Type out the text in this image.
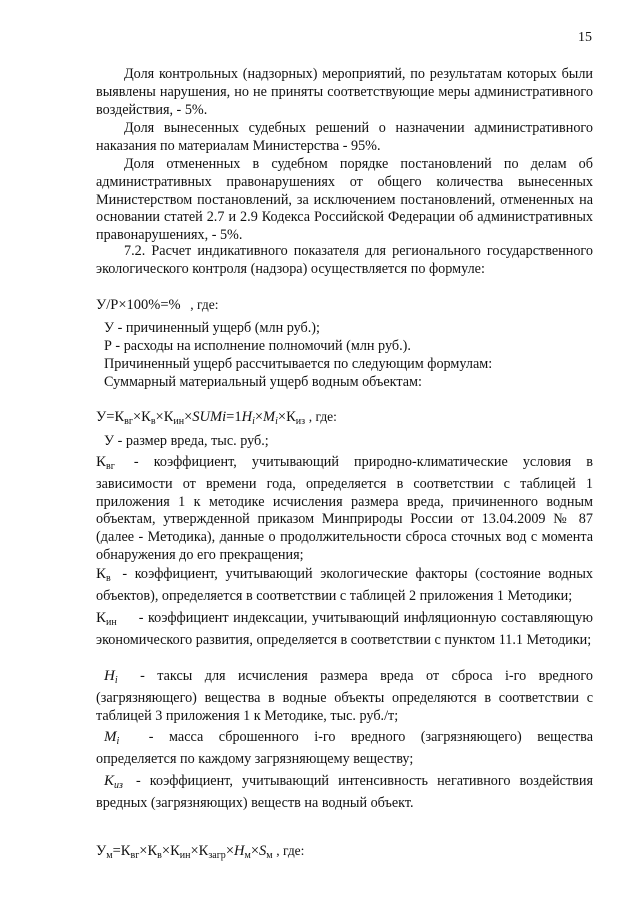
15
Доля контрольных (надзорных) мероприятий, по результатам которых были выявлены нарушения, но не приняты соответствующие меры административного воздействия, - 5%.
Доля вынесенных судебных решений о назначении административного наказания по материалам Министерства - 95%.
Доля отмененных в судебном порядке постановлений по делам об административных правонарушениях от общего количества вынесенных Министерством постановлений, за исключением постановлений, отмененных на основании статей 2.7 и 2.9 Кодекса Российской Федерации об административных правонарушениях, - 5%.
7.2. Расчет индикативного показателя для регионального государственного экологического контроля (надзора) осуществляется по формуле:
У/Р×100%=% , где:
У - причиненный ущерб (млн руб.);
Р - расходы на исполнение полномочий (млн руб.).
Причиненный ущерб рассчитывается по следующим формулам:
Суммарный материальный ущерб водным объектам:
$У=К_{вг}\times К_в\times К_{ин}\times SUMi=1Н_i\times M_i\times К_{из}$ , где:
У - размер вреда, тыс. руб.;
$К_{вг}$ - коэффициент, учитывающий природно-климатические условия в зависимости от времени года, определяется в соответствии с таблицей 1 приложения 1 к методике исчисления размера вреда, причиненного водным объектам, утвержденной приказом Минприроды России от 13.04.2009 № 87 (далее - Методика), данные о продолжительности сброса сточных вод с момента обнаружения до его прекращения;
$К_в$ - коэффициент, учитывающий экологические факторы (состояние водных объектов), определяется в соответствии с таблицей 2 приложения 1 Методики;
$К_{ин}$ - коэффициент индексации, учитывающий инфляционную составляющую экономического развития, определяется в соответствии с пунктом 11.1 Методики;
$Н_i$ - таксы для исчисления размера вреда от сброса i-го вредного (загрязняющего) вещества в водные объекты определяются в соответствии с таблицей 3 приложения 1 к Методике, тыс. руб./т;
$M_i$ - масса сброшенного i-го вредного (загрязняющего) вещества определяется по каждому загрязняющему веществу;
$К_{из}$ - коэффициент, учитывающий интенсивность негативного воздействия вредных (загрязняющих) веществ на водный объект.
$У_м=К_{вг}\times К_в\times К_{ин}\times К_{загр}\times Н_м\times S_м$ , где:
